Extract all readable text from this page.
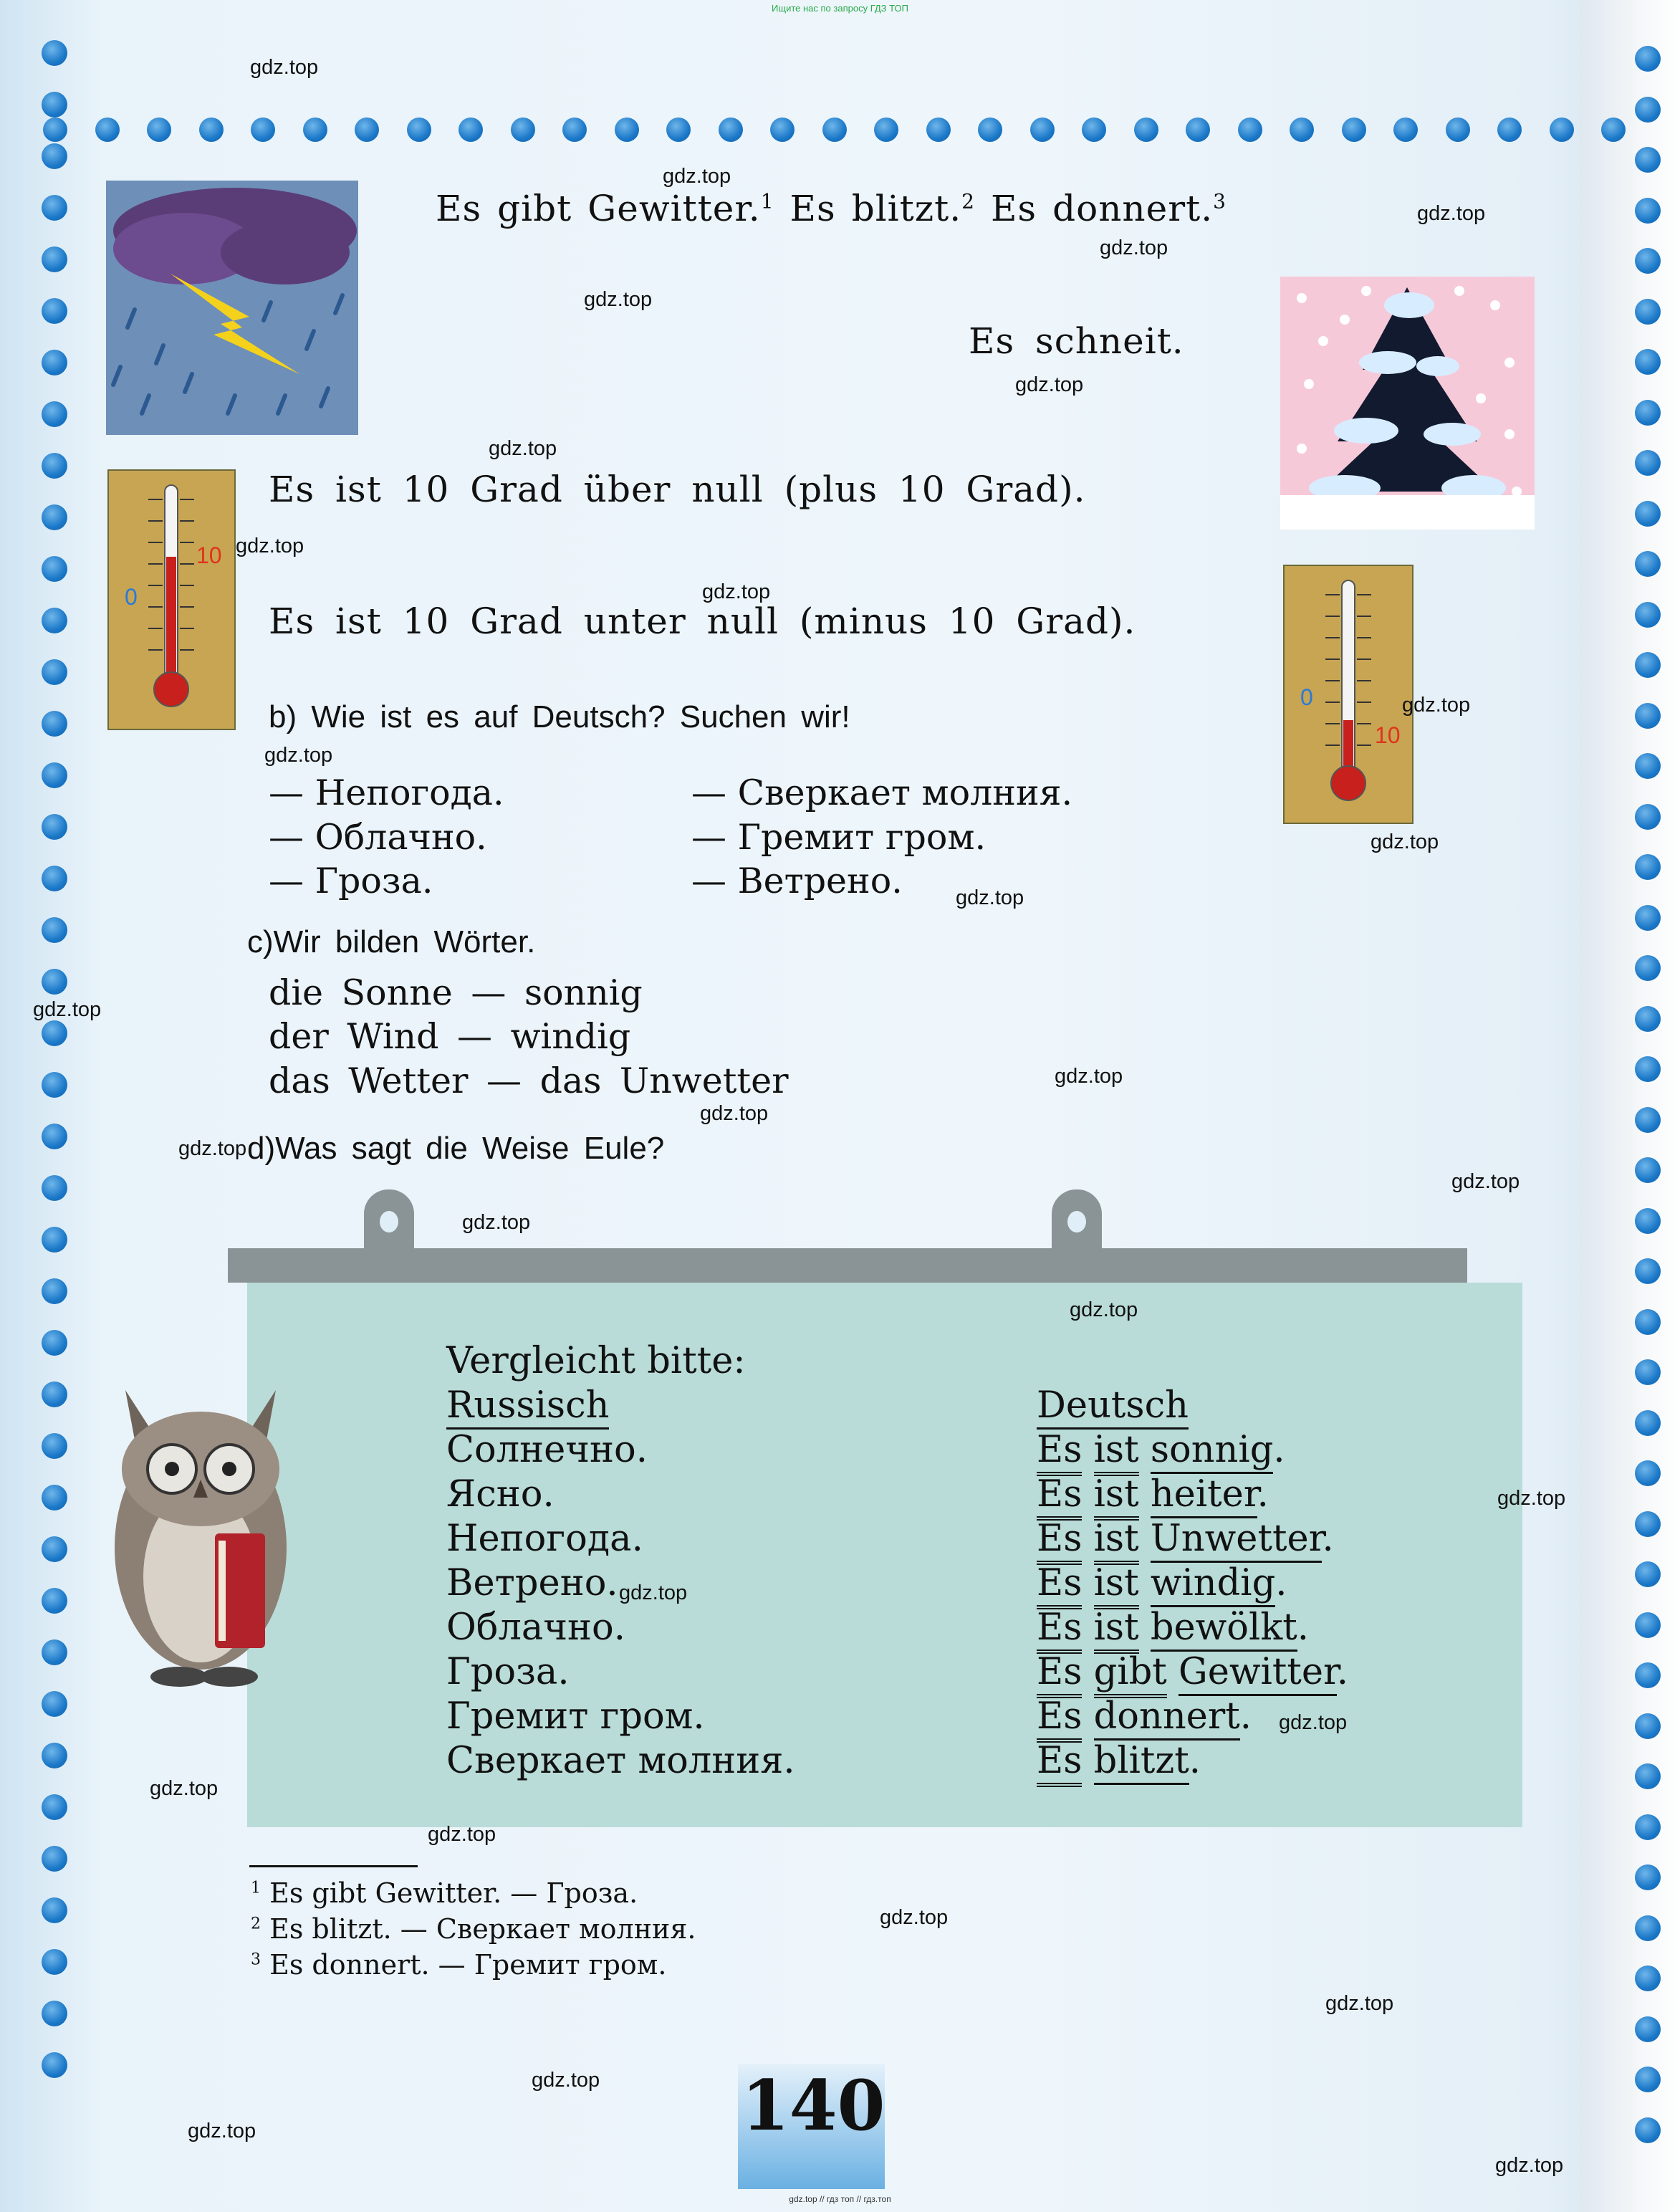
Ищите нас по запросу ГДЗ ТОП
0
10
0
10
Es gibt Gewitter.$^1$ Es blitzt.$^2$ Es donnert.$^3$
Es schneit.
Es ist 10 Grad über null (plus 10 Grad).
Es ist 10 Grad unter null (minus 10 Grad).
b) Wie ist es auf Deutsch? Suchen wir!
— Непогода.
— Облачно.
— Гроза.
— Сверкает молния.
— Гремит гром.
— Ветрено.
c)Wir bilden Wörter.
die Sonne — sonnig
der Wind — windig
das Wetter — das Unwetter
d)Was sagt die Weise Eule?
Vergleicht bitte:
Russisch	Deutsch
Солнечно.
Ясно.
Непогода.
Ветрено.
Облачно.
Гроза.
Гремит гром.
Сверкает молния.
Es ist sonnig.
Es ist heiter.
Es ist Unwetter.
Es ist windig.
Es ist bewölkt.
Es gibt Gewitter.
Es donnert.
Es blitzt.
$^1$ Es gibt Gewitter. — Гроза.
$^2$ Es blitzt. — Сверкает молния.
$^3$ Es donnert. — Гремит гром.
140
gdz.top // гдз топ // гдз.топ
gdz.top
gdz.top
gdz.top
gdz.top
gdz.top
gdz.top
gdz.top
gdz.top
gdz.top
gdz.top
gdz.top
gdz.top
gdz.top
gdz.top
gdz.top
gdz.top
gdz.top
gdz.top
gdz.top
gdz.top
gdz.top
gdz.top
gdz.top
gdz.top
gdz.top
gdz.top
gdz.top
gdz.top
gdz.top
gdz.top
